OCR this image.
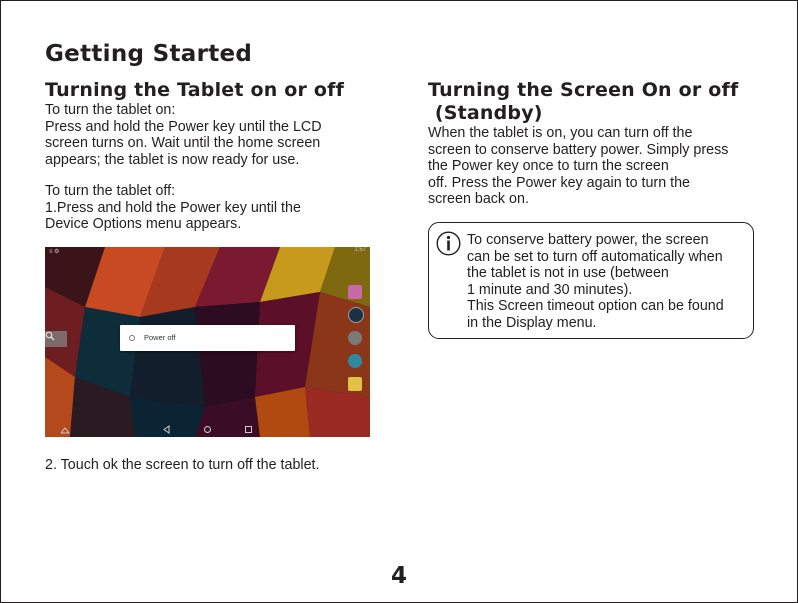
Getting Started
Turning the Tablet on or off

To turn the tablet on:

Press and hold the Power key until the LCD

screen turns on. Wait until the home screen

appears; the tablet is now ready for use.

To turn the tablet off:

1.Press and hold the Power key until the

Device Options menu appears.

≡ ⚙	1:57
Power off
2. Touch ok the screen to turn off the tablet.
Turning the Screen On or off
(Standby)

When the tablet is on, you can turn off the

screen to conserve battery power. Simply press

the Power key once to turn the screen

off. Press the Power key again to turn the

screen back on.

To conserve battery power, the screen

can be set to turn off automatically when

the tablet is not in use (between

1 minute and 30 minutes).

This Screen timeout option can be found

in the Display menu.

4
